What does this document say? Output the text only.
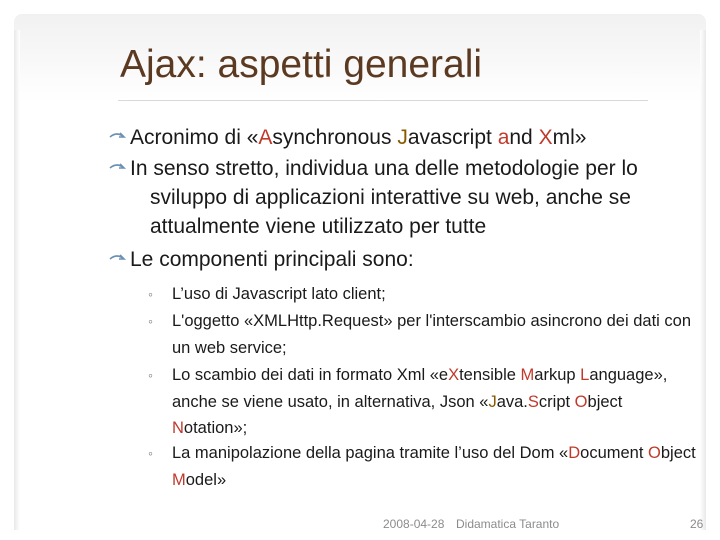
Ajax: aspetti generali
Acronimo di «Asynchronous Javascript and Xml»
In senso stretto, individua una delle metodologie per lo sviluppo di applicazioni interattive su web, anche se attualmente viene utilizzato per tutte
Le componenti principali sono:
◦ L’uso di Javascript lato client;
◦ L'oggetto «XMLHttp.Request» per l'interscambio asincrono dei dati con un web service;
◦ Lo scambio dei dati in formato Xml «eXtensible Markup Language», anche se viene usato, in alternativa, Json «Java.Script Object Notation»;
◦ La manipolazione della pagina tramite l’uso del Dom «Document Object Model»
2008-04-28 Didamatica Taranto	26
